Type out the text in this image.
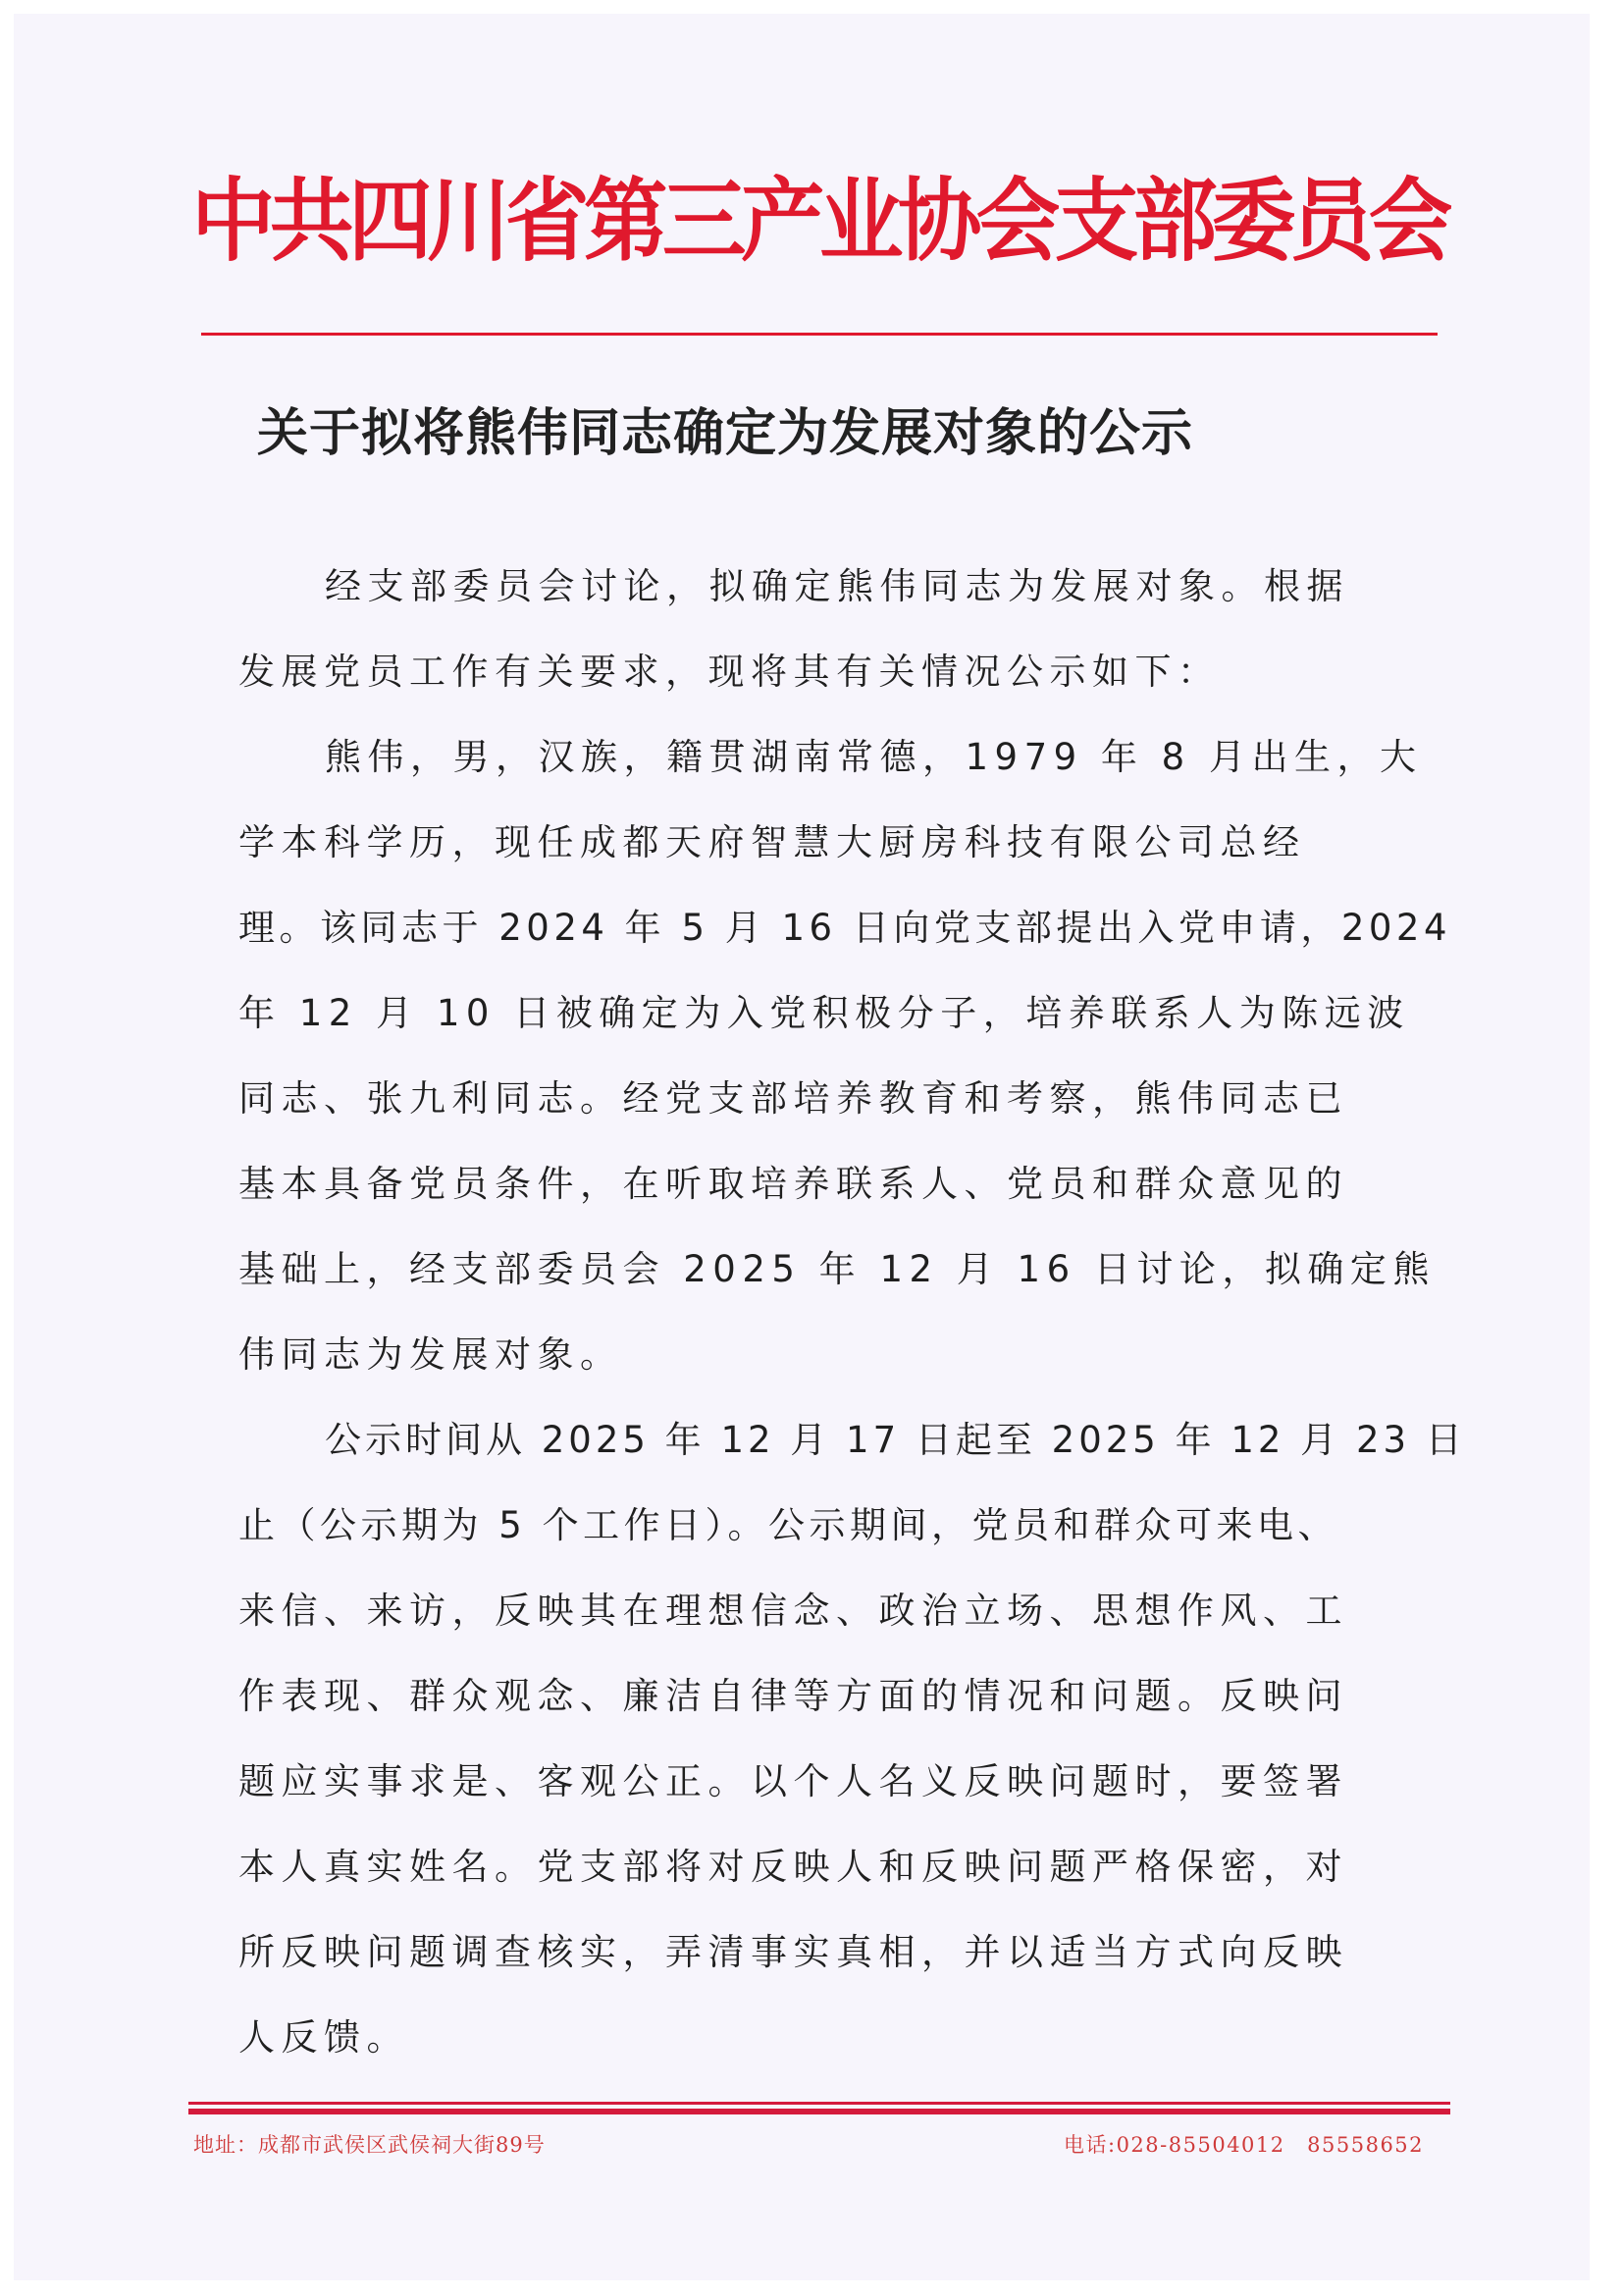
中共四川省第三产业协会支部委员会
关于拟将熊伟同志确定为发展对象的公示
经支部委员会讨论，拟确定熊伟同志为发展对象。根据
发展党员工作有关要求，现将其有关情况公示如下：
熊伟，男，汉族，籍贯湖南常德，1979 年 8 月出生，大
学本科学历，现任成都天府智慧大厨房科技有限公司总经
理。该同志于 2024 年 5 月 16 日向党支部提出入党申请，2024
年 12 月 10 日被确定为入党积极分子，培养联系人为陈远波
同志、张九利同志。经党支部培养教育和考察，熊伟同志已
基本具备党员条件，在听取培养联系人、党员和群众意见的
基础上，经支部委员会 2025 年 12 月 16 日讨论，拟确定熊
伟同志为发展对象。
公示时间从 2025 年 12 月 17 日起至 2025 年 12 月 23 日
止（公示期为 5 个工作日）。公示期间，党员和群众可来电、
来信、来访，反映其在理想信念、政治立场、思想作风、工
作表现、群众观念、廉洁自律等方面的情况和问题。反映问
题应实事求是、客观公正。以个人名义反映问题时，要签署
本人真实姓名。党支部将对反映人和反映问题严格保密，对
所反映问题调查核实，弄清事实真相，并以适当方式向反映
人反馈。
地址：成都市武侯区武侯祠大街89号	电话:028-85504012　85558652
